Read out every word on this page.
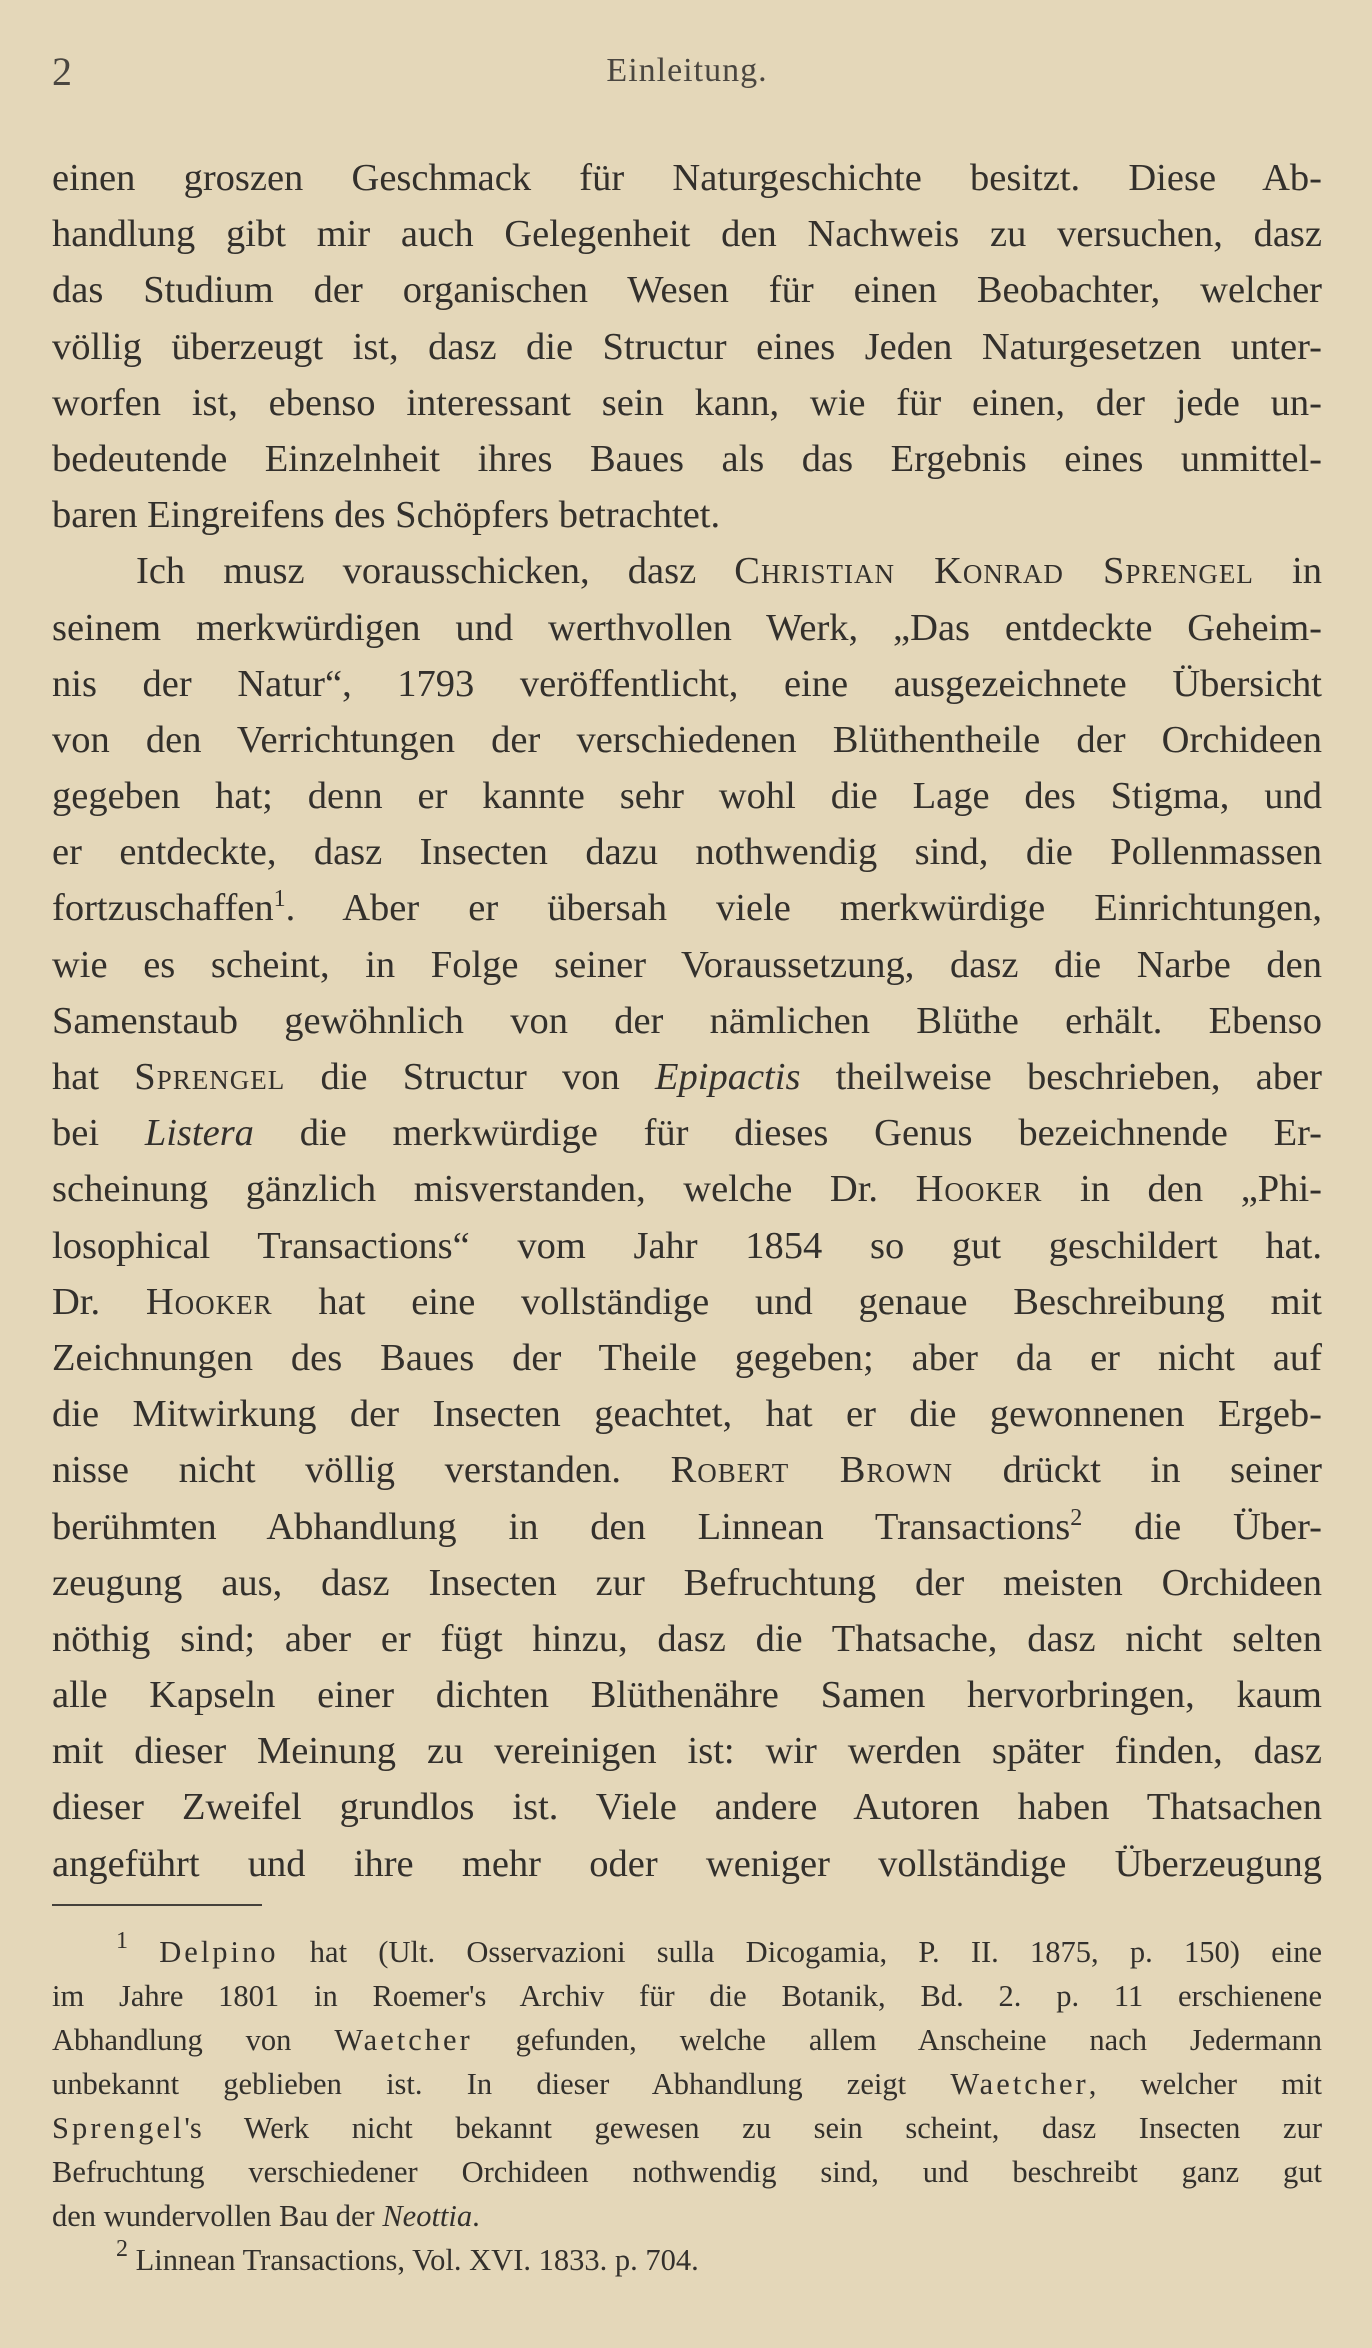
2	Einleitung.
einen groszen Geschmack für Naturgeschichte besitzt. Diese Ab-
handlung gibt mir auch Gelegenheit den Nachweis zu versuchen, dasz
das Studium der organischen Wesen für einen Beobachter, welcher
völlig überzeugt ist, dasz die Structur eines Jeden Naturgesetzen unter-
worfen ist, ebenso interessant sein kann, wie für einen, der jede un-
bedeutende Einzelnheit ihres Baues als das Ergebnis eines unmittel-
baren Eingreifens des Schöpfers betrachtet.
Ich musz vorausschicken, dasz Christian Konrad Sprengel in
seinem merkwürdigen und werthvollen Werk, „Das entdeckte Geheim-
nis der Natur“, 1793 veröffentlicht, eine ausgezeichnete Übersicht
von den Verrichtungen der verschiedenen Blüthentheile der Orchideen
gegeben hat; denn er kannte sehr wohl die Lage des Stigma, und
er entdeckte, dasz Insecten dazu nothwendig sind, die Pollenmassen
fortzuschaffen$^1$. Aber er übersah viele merkwürdige Einrichtungen,
wie es scheint, in Folge seiner Voraussetzung, dasz die Narbe den
Samenstaub gewöhnlich von der nämlichen Blüthe erhält. Ebenso
hat Sprengel die Structur von Epipactis theilweise beschrieben, aber
bei Listera die merkwürdige für dieses Genus bezeichnende Er-
scheinung gänzlich misverstanden, welche Dr. Hooker in den „Phi-
losophical Transactions“ vom Jahr 1854 so gut geschildert hat.
Dr. Hooker hat eine vollständige und genaue Beschreibung mit
Zeichnungen des Baues der Theile gegeben; aber da er nicht auf
die Mitwirkung der Insecten geachtet, hat er die gewonnenen Ergeb-
nisse nicht völlig verstanden. Robert Brown drückt in seiner
berühmten Abhandlung in den Linnean Transactions$^2$ die Über-
zeugung aus, dasz Insecten zur Befruchtung der meisten Orchideen
nöthig sind; aber er fügt hinzu, dasz die Thatsache, dasz nicht selten
alle Kapseln einer dichten Blüthenähre Samen hervorbringen, kaum
mit dieser Meinung zu vereinigen ist: wir werden später finden, dasz
dieser Zweifel grundlos ist. Viele andere Autoren haben Thatsachen
angeführt und ihre mehr oder weniger vollständige Überzeugung
$^1$ Delpino hat (Ult. Osservazioni sulla Dicogamia, P. II. 1875, p. 150) eine
im Jahre 1801 in Roemer's Archiv für die Botanik, Bd. 2. p. 11 erschienene
Abhandlung von Waetcher gefunden, welche allem Anscheine nach Jedermann
unbekannt geblieben ist. In dieser Abhandlung zeigt Waetcher, welcher mit
Sprengel's Werk nicht bekannt gewesen zu sein scheint, dasz Insecten zur
Befruchtung verschiedener Orchideen nothwendig sind, und beschreibt ganz gut
den wundervollen Bau der Neottia.
$^2$ Linnean Transactions, Vol. XVI. 1833. p. 704.
